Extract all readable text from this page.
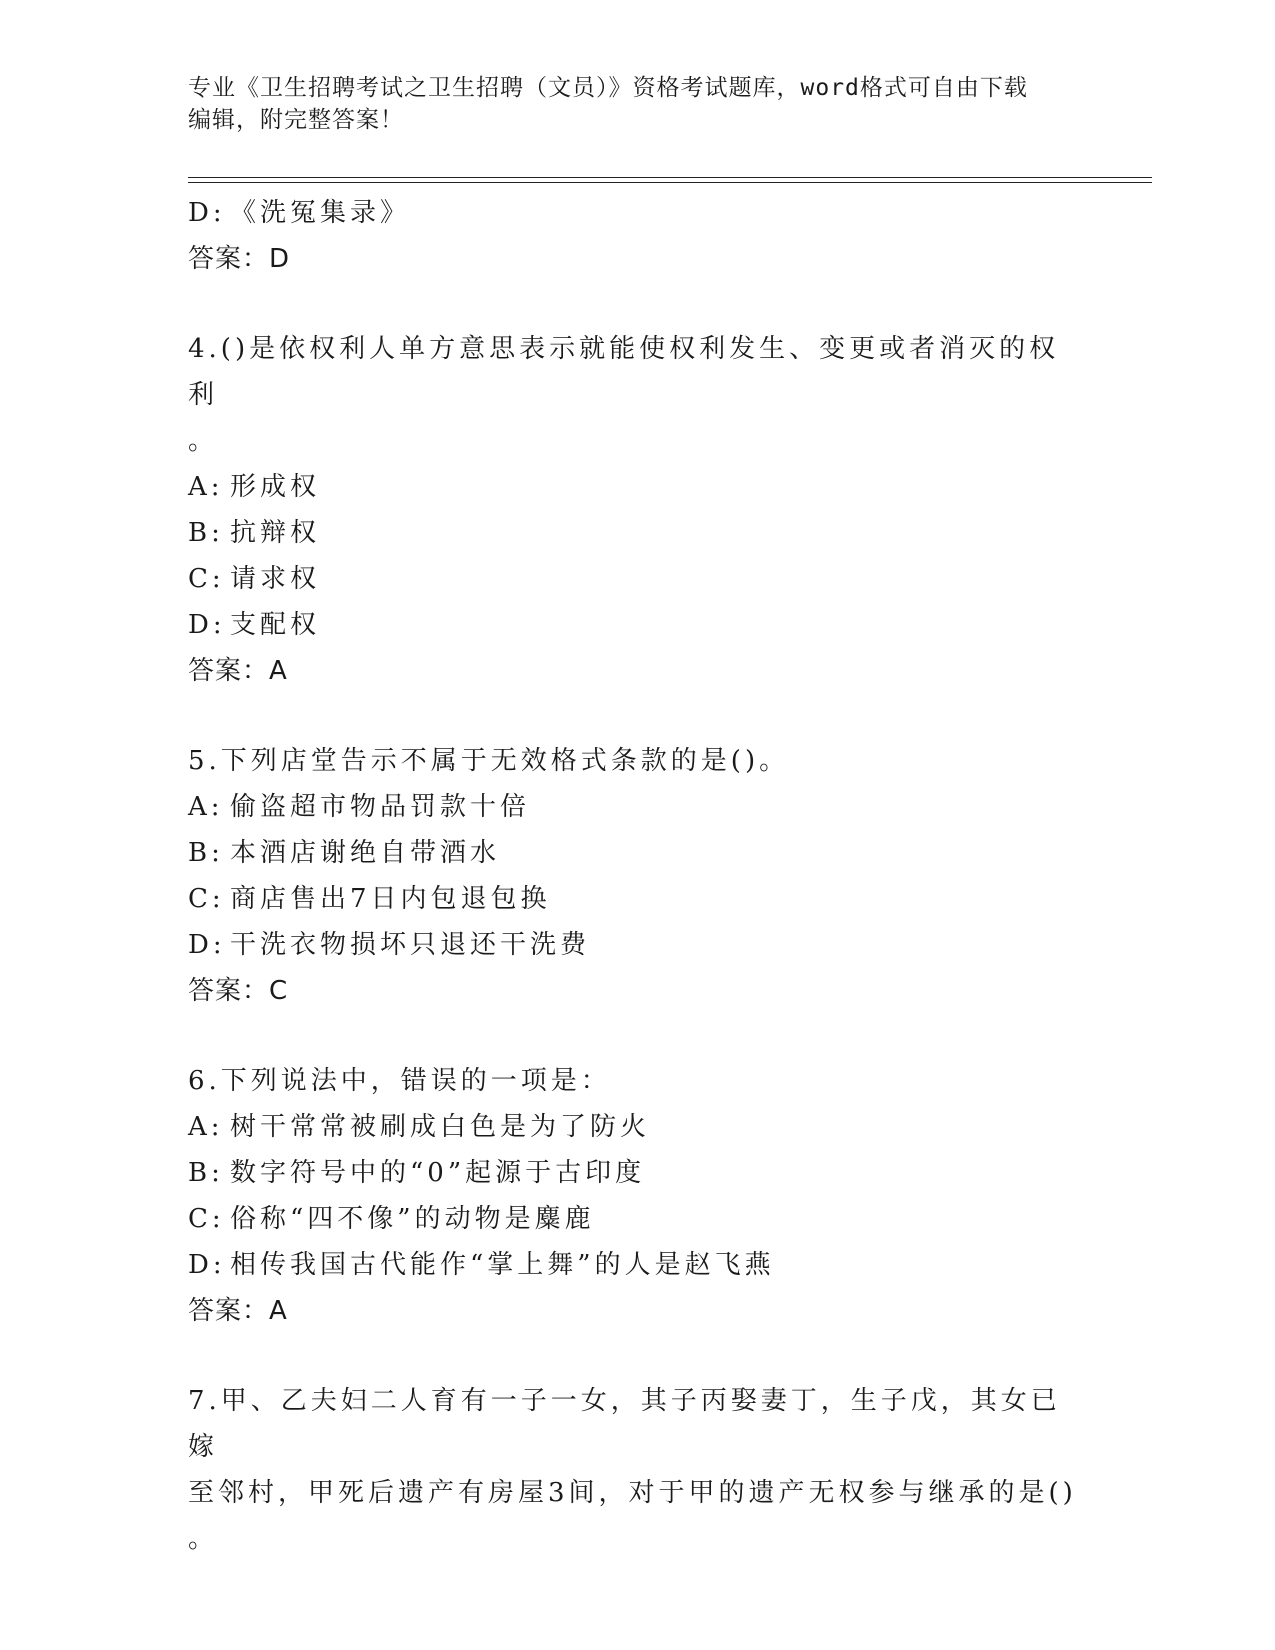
专业《卫生招聘考试之卫生招聘（文员）》资格考试题库，word格式可自由下载
编辑，附完整答案！
D: 《洗冤集录》
答案：D
4.()是依权利人单方意思表示就能使权利发生、变更或者消灭的权利
。
A: 形成权
B: 抗辩权
C: 请求权
D: 支配权
答案：A
5.下列店堂告示不属于无效格式条款的是()。
A: 偷盗超市物品罚款十倍
B: 本酒店谢绝自带酒水
C: 商店售出7日内包退包换
D: 干洗衣物损坏只退还干洗费
答案：C
6.下列说法中，错误的一项是：
A: 树干常常被刷成白色是为了防火
B: 数字符号中的“0”起源于古印度
C: 俗称“四不像”的动物是麋鹿
D: 相传我国古代能作“掌上舞”的人是赵飞燕
答案：A
7.甲、乙夫妇二人育有一子一女，其子丙娶妻丁，生子戊，其女已嫁
至邻村，甲死后遗产有房屋3间，对于甲的遗产无权参与继承的是()
。
